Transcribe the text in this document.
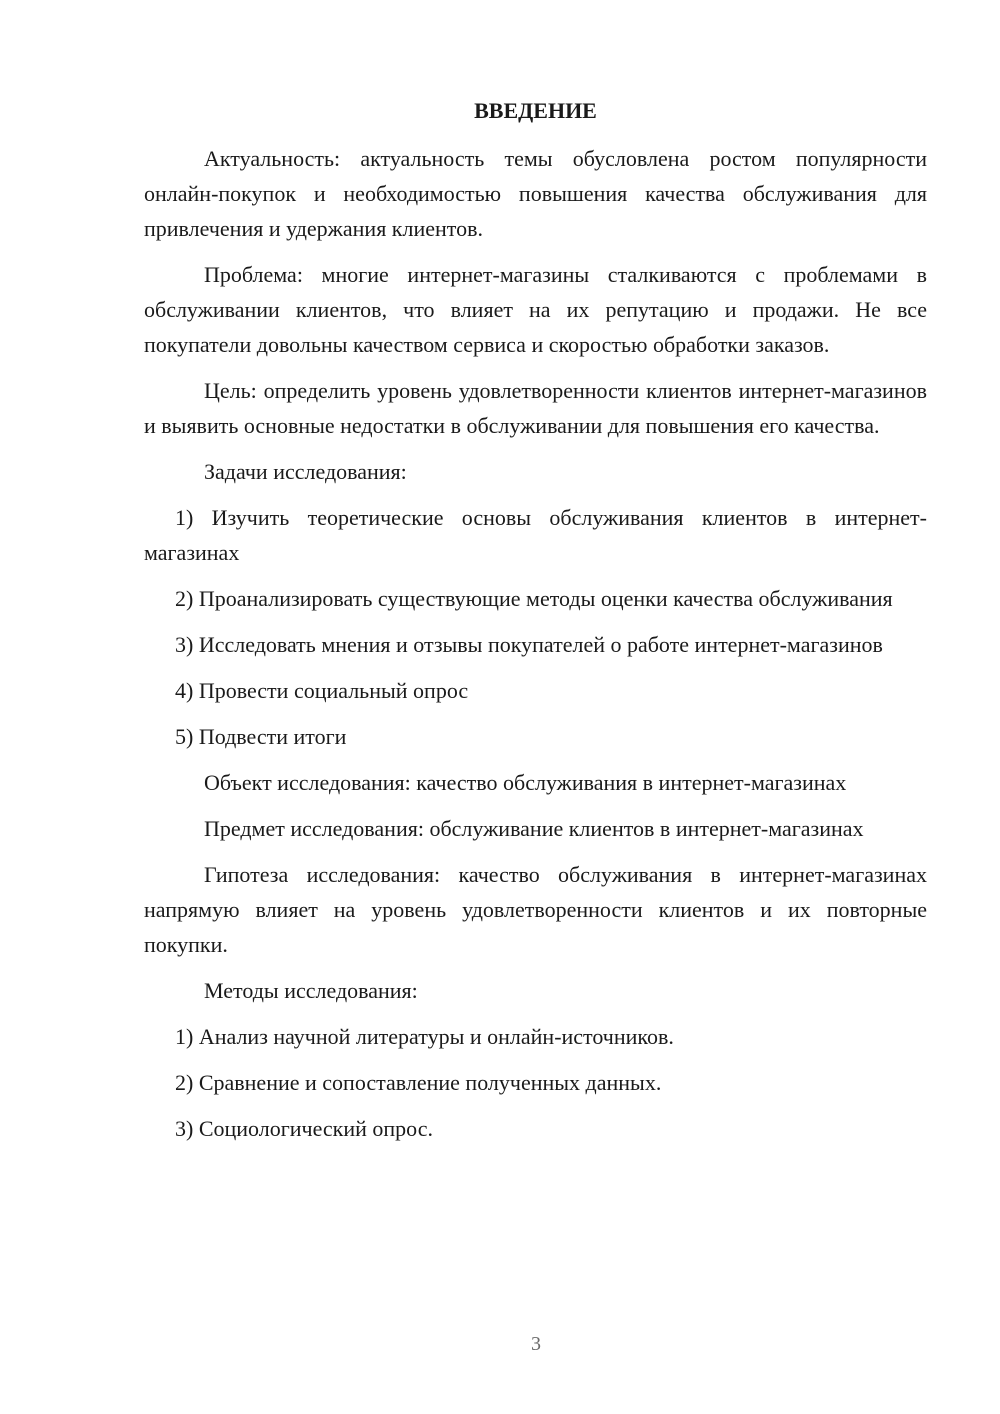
ВВЕДЕНИЕ

Актуальность: актуальность темы обусловлена ростом популярности онлайн-покупок и необходимостью повышения качества обслуживания для привлечения и удержания клиентов.

Проблема: многие интернет-магазины сталкиваются с проблемами в обслуживании клиентов, что влияет на их репутацию и продажи. Не все покупатели довольны качеством сервиса и скоростью обработки заказов.

Цель: определить уровень удовлетворенности клиентов интернет-магазинов и выявить основные недостатки в обслуживании для повышения его качества.

Задачи исследования:

1) Изучить теоретические основы обслуживания клиентов в интернет-магазинах

2) Проанализировать существующие методы оценки качества обслуживания

3) Исследовать мнения и отзывы покупателей о работе интернет-магазинов

4) Провести социальный опрос

5) Подвести итоги

Объект исследования: качество обслуживания в интернет-магазинах

Предмет исследования: обслуживание клиентов в интернет-магазинах

Гипотеза исследования: качество обслуживания в интернет-магазинах напрямую влияет на уровень удовлетворенности клиентов и их повторные покупки.

Методы исследования:

1) Анализ научной литературы и онлайн-источников.

2) Сравнение и сопоставление полученных данных.

3) Социологический опрос.

3
